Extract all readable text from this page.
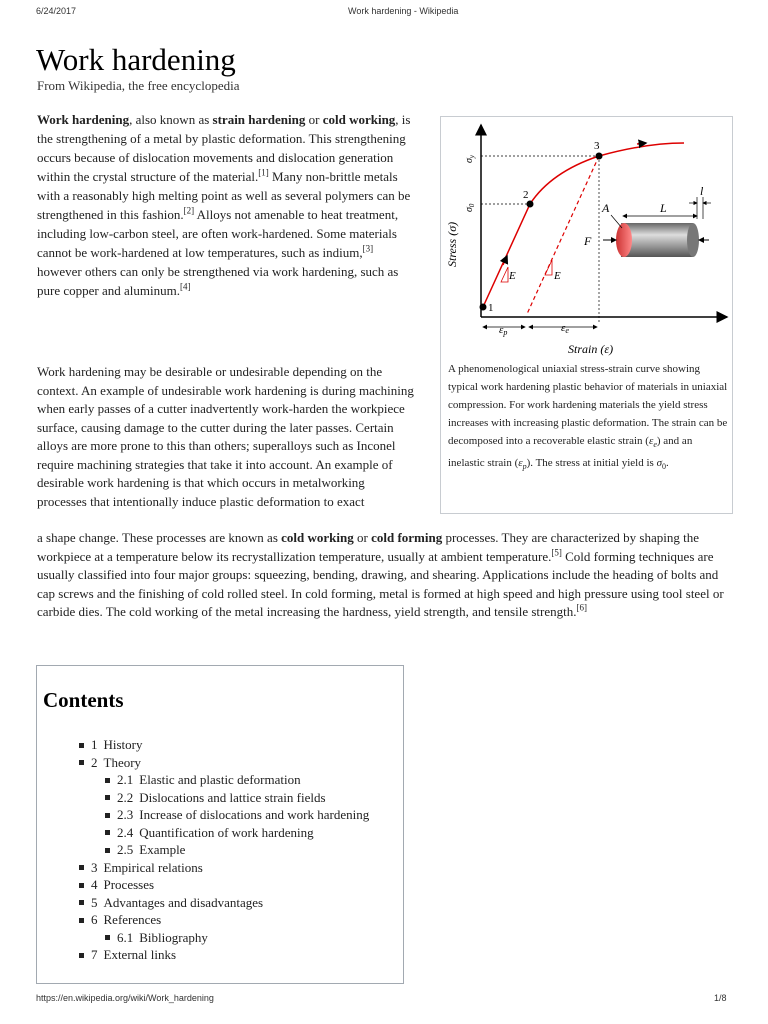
6/24/2017	Work hardening - Wikipedia
Work hardening
From Wikipedia, the free encyclopedia

Work hardening, also known as strain hardening or cold working, is the strengthening of a metal by plastic deformation. This strengthening occurs because of dislocation movements and dislocation generation within the crystal structure of the material.[1] Many non-brittle metals with a reasonably high melting point as well as several polymers can be strengthened in this fashion.[2] Alloys not amenable to heat treatment, including low-carbon steel, are often work-hardened. Some materials cannot be work-hardened at low temperatures, such as indium,[3] however others can only be strengthened via work hardening, such as pure copper and aluminum.[4]

Work hardening may be desirable or undesirable depending on the context. An example of undesirable work hardening is during machining when early passes of a cutter inadvertently work-harden the workpiece surface, causing damage to the cutter during the later passes. Certain alloys are more prone to this than others; superalloys such as Inconel require machining strategies that take it into account. An example of desirable work hardening is that which occurs in metalworking processes that intentionally induce plastic deformation to exact

a shape change. These processes are known as cold working or cold forming processes. They are characterized by shaping the workpiece at a temperature below its recrystallization temperature, usually at ambient temperature.[5] Cold forming techniques are usually classified into four major groups: squeezing, bending, drawing, and shearing. Applications include the heading of bolts and cap screws and the finishing of cold rolled steel. In cold forming, metal is formed at high speed and high pressure using tool steel or carbide dies. The cold working of the metal increasing the hardness, yield strength, and tensile strength.[6]

1
2
3
E	E
Stress (σ)
$\sigma_y$
$\sigma_0$
εp	εe
Strain (ε)
F
A	L
l
A phenomenological uniaxial stress-strain curve showing typical work hardening plastic behavior of materials in uniaxial compression. For work hardening materials the yield stress increases with increasing plastic deformation. The strain can be decomposed into a recoverable elastic strain $(\varepsilon_e)$ and an inelastic strain $(\varepsilon_p)$. The stress at initial yield is $\sigma_0$.
Contents
1 History
2 Theory
2.1 Elastic and plastic deformation
2.2 Dislocations and lattice strain fields
2.3 Increase of dislocations and work hardening
2.4 Quantification of work hardening
2.5 Example
3 Empirical relations
4 Processes
5 Advantages and disadvantages
6 References
6.1 Bibliography
7 External links
https://en.wikipedia.org/wiki/Work_hardening	1/8
